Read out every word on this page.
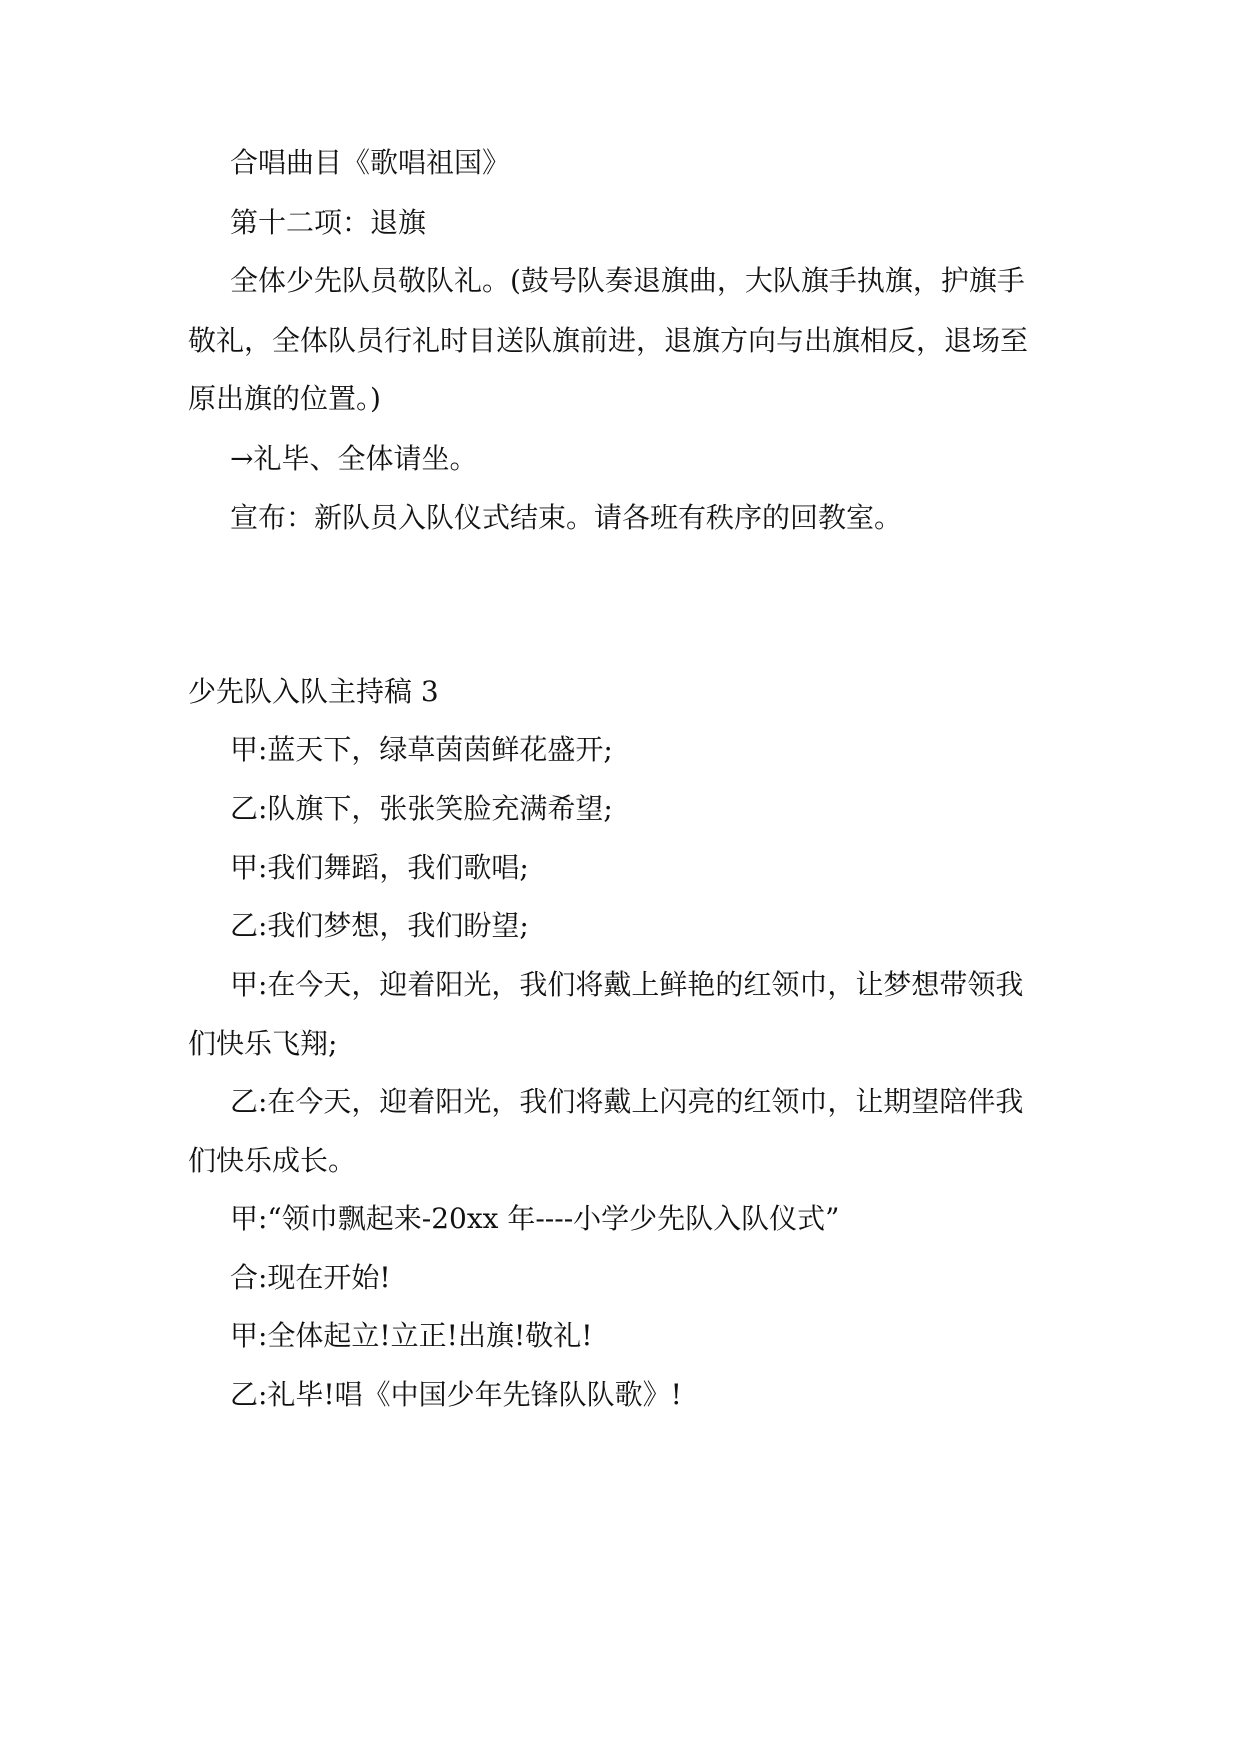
合唱曲目《歌唱祖国》
第十二项：退旗
全体少先队员敬队礼。(鼓号队奏退旗曲，大队旗手执旗，护旗手
敬礼，全体队员行礼时目送队旗前进，退旗方向与出旗相反，退场至
原出旗的位置。)
→礼毕、全体请坐。
宣布：新队员入队仪式结束。请各班有秩序的回教室。
少先队入队主持稿 3
甲:蓝天下，绿草茵茵鲜花盛开;
乙:队旗下，张张笑脸充满希望;
甲:我们舞蹈，我们歌唱;
乙:我们梦想，我们盼望;
甲:在今天，迎着阳光，我们将戴上鲜艳的红领巾，让梦想带领我
们快乐飞翔;
乙:在今天，迎着阳光，我们将戴上闪亮的红领巾，让期望陪伴我
们快乐成长。
甲:“领巾飘起来-20xx 年----小学少先队入队仪式”
合:现在开始!
甲:全体起立!立正!出旗!敬礼!
乙:礼毕!唱《中国少年先锋队队歌》!
